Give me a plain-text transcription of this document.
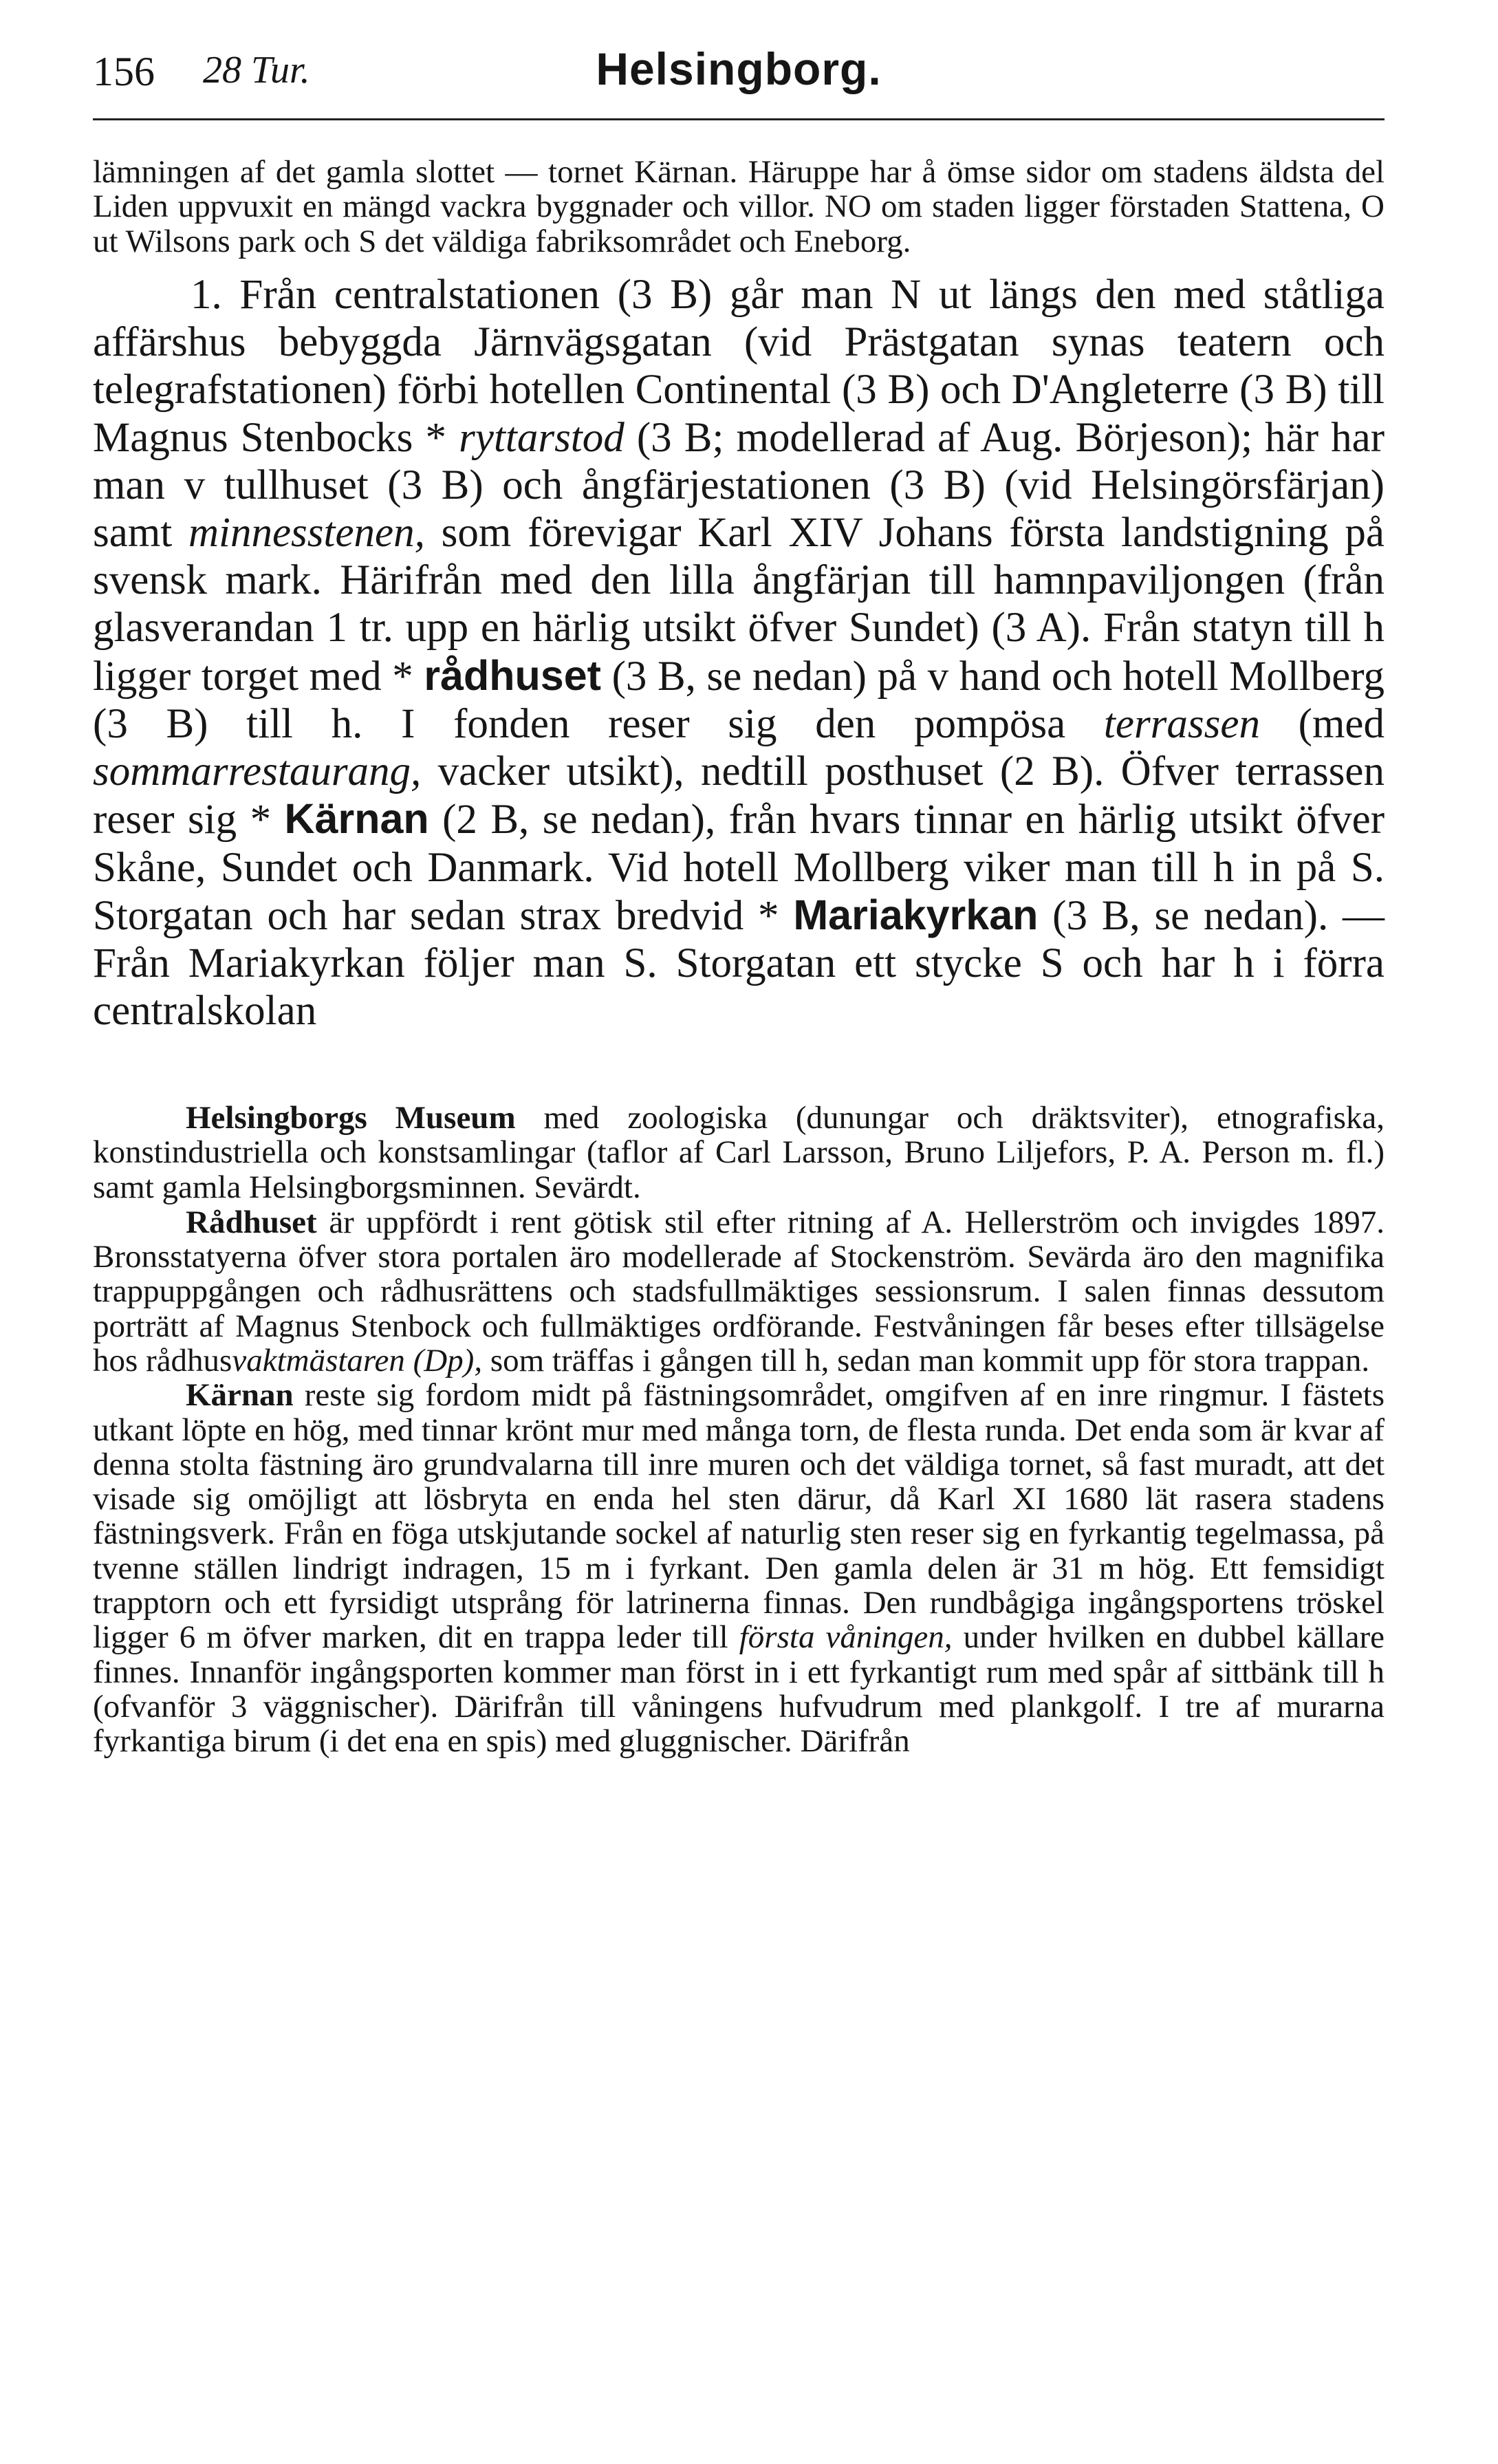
156 28 Tur.	Helsingborg.

lämningen af det gamla slottet — tornet Kärnan. Häruppe har å ömse sidor om stadens äldsta del Liden uppvuxit en mängd vackra byggnader och villor. NO om staden ligger förstaden Stattena, O ut Wilsons park och S det väldiga fabriksområdet och Eneborg.

1. Från centralstationen (3 B) går man N ut längs den med ståtliga affärshus bebyggda Järnvägsgatan (vid Prästgatan synas teatern och telegrafstationen) förbi hotellen Continental (3 B) och D'Angleterre (3 B) till Magnus Stenbocks * ryttarstod (3 B; modellerad af Aug. Börjeson); här har man v tullhuset (3 B) och ångfärjestationen (3 B) (vid Helsingörsfärjan) samt minnesstenen, som förevigar Karl XIV Johans första landstigning på svensk mark. Härifrån med den lilla ångfärjan till hamnpaviljongen (från glasverandan 1 tr. upp en härlig utsikt öfver Sundet) (3 A). Från statyn till h ligger torget med * rådhuset (3 B, se nedan) på v hand och hotell Mollberg (3 B) till h. I fonden reser sig den pompösa terrassen (med sommarrestaurang, vacker utsikt), nedtill posthuset (2 B). Öfver terrassen reser sig * Kärnan (2 B, se nedan), från hvars tinnar en härlig utsikt öfver Skåne, Sundet och Danmark. Vid hotell Mollberg viker man till h in på S. Storgatan och har sedan strax bredvid * Mariakyrkan (3 B, se nedan). — Från Mariakyrkan följer man S. Storgatan ett stycke S och har h i förra centralskolan

Helsingborgs Museum med zoologiska (dunungar och dräktsviter), etnografiska, konstindustriella och konstsamlingar (taflor af Carl Larsson, Bruno Liljefors, P. A. Person m. fl.) samt gamla Helsingborgsminnen. Sevärdt.

Rådhuset är uppfördt i rent götisk stil efter ritning af A. Hellerström och invigdes 1897. Bronsstatyerna öfver stora portalen äro modellerade af Stockenström. Sevärda äro den magnifika trappuppgången och rådhusrättens och stadsfullmäktiges sessionsrum. I salen finnas dessutom porträtt af Magnus Stenbock och fullmäktiges ordförande. Festvåningen får beses efter tillsägelse hos rådhusvaktmästaren (Dp), som träffas i gången till h, sedan man kommit upp för stora trappan.

Kärnan reste sig fordom midt på fästningsområdet, omgifven af en inre ringmur. I fästets utkant löpte en hög, med tinnar krönt mur med många torn, de flesta runda. Det enda som är kvar af denna stolta fästning äro grundvalarna till inre muren och det väldiga tornet, så fast muradt, att det visade sig omöjligt att lösbryta en enda hel sten därur, då Karl XI 1680 lät rasera stadens fästningsverk. Från en föga utskjutande sockel af naturlig sten reser sig en fyrkantig tegelmassa, på tvenne ställen lindrigt indragen, 15 m i fyrkant. Den gamla delen är 31 m hög. Ett femsidigt trapptorn och ett fyrsidigt utsprång för latrinerna finnas. Den rundbågiga ingångsportens tröskel ligger 6 m öfver marken, dit en trappa leder till första våningen, under hvilken en dubbel källare finnes. Innanför ingångsporten kommer man först in i ett fyrkantigt rum med spår af sittbänk till h (ofvanför 3 väggnischer). Därifrån till våningens hufvudrum med plankgolf. I tre af murarna fyrkantiga birum (i det ena en spis) med gluggnischer. Därifrån
